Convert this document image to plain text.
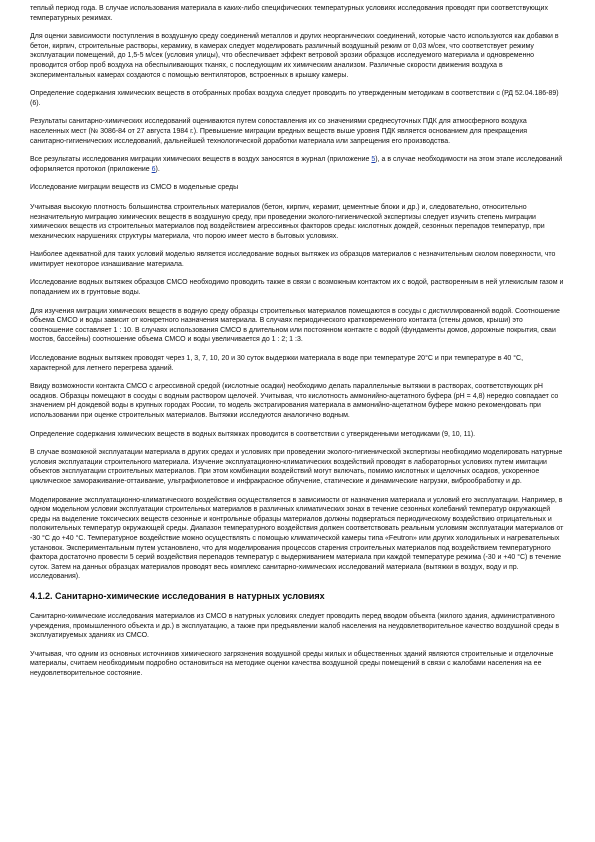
теплый период года. В случае использования материала в каких-либо специфических температурных условиях исследования проводят при соответствующих температурных режимах.

Для оценки зависимости поступления в воздушную среду соединений металлов и других неорганических соединений, которые часто используются как добавки в бетон, кирпич, строительные растворы, керамику, в камерах следует моделировать различный воздушный режим от 0,03 м/сек, что соответствует режиму эксплуатации помещений, до 1,5-5 м/сек (условия улицы), что обеспечивает эффект ветровой эрозии образцов исследуемого материала и одновременно проводится отбор проб воздуха на обеспыливающих тканях, с последующим их химическим анализом. Различные скорости движения воздуха в экспериментальных камерах создаются с помощью вентиляторов, встроенных в крышку камеры.

Определение содержания химических веществ в отобранных пробах воздуха следует проводить по утвержденным методикам в соответствии с (РД 52.04.186-89) (6).

Результаты санитарно-химических исследований оцениваются путем сопоставления их со значениями среднесуточных ПДК для атмосферного воздуха населенных мест (№ 3086-84 от 27 августа 1984 г.). Превышение миграции вредных веществ выше уровня ПДК является основанием для прекращения санитарно-гигиенических исследований, дальнейшей технологической доработки материала или запрещения его производства.

Все результаты исследования миграции химических веществ в воздух заносятся в журнал (приложение 5), а в случае необходимости на этом этапе исследований оформляется протокол (приложение 6).

Исследование миграции веществ из СМСО в модельные среды

Учитывая высокую плотность большинства строительных материалов (бетон, кирпич, керамит, цементные блоки и др.) и, следовательно, относительно незначительную миграцию химических веществ в воздушную среду, при проведении эколого-гигиенической экспертизы следует изучить степень миграции химических веществ из строительных материалов под воздействием агрессивных факторов среды: кислотных дождей, сезонных перепадов температур, при механических нарушениях структуры материала, что порою имеет место в бытовых условиях.

Наиболее адекватной для таких условий моделью является исследование водных вытяжек из образцов материалов с незначительным сколом поверхности, что имитирует некоторое изнашивание материала.

Исследование водных вытяжек образцов СМСО необходимо проводить также в связи с возможным контактом их с водой, растворенным в ней углекислым газом и попаданием их в грунтовые воды.

Для изучения миграции химических веществ в водную среду образцы строительных материалов помещаются в сосуды с дистиллированной водой. Соотношение объема СМСО и воды зависит от конкретного назначения материала. В случаях периодического кратковременного контакта (стены домов, крыши) это соотношение составляет 1 : 10. В случаях использования СМСО в длительном или постоянном контакте с водой (фундаменты домов, дорожные покрытия, сваи мостов, бассейны) соотношение объема СМСО и воды увеличивается до 1 : 2; 1 :3.

Исследование водных вытяжек проводят через 1, 3, 7, 10, 20 и 30 суток выдержки материала в воде при температуре 20°С и при температуре в 40 °С, характерной для летнего перегрева зданий.

Ввиду возможности контакта СМСО с агрессивной средой (кислотные осадки) необходимо делать параллельные вытяжки в растворах, соответствующих рН осадков. Образцы помещают в сосуды с водным раствором щелочей. Учитывая, что кислотность аммонийно-ацетатного буфера (рН = 4,8) нередко совпадает со значением рН дождевой воды в крупных городах России, то модель экстрагирования материала в аммонийно-ацетатном буфере можно рекомендовать при использовании при оценке строительных материалов. Вытяжки исследуются аналогично водным.

Определение содержания химических веществ в водных вытяжках проводится в соответствии с утвержденными методиками (9, 10, 11).

В случае возможной эксплуатации материала в других средах и условиях при проведении эколого-гигиенической экспертизы необходимо моделировать натурные условия эксплуатации строительного материала. Изучение эксплуатационно-климатических воздействий проводят в лабораторных условиях путем имитации объектов эксплуатации строительных материалов. При этом комбинации воздействий могут включать, помимо кислотных и щелочных осадков, ускоренное циклическое замораживание-оттаивание, ультрафиолетовое и инфракрасное облучение, статические и динамические нагрузки, виброобработку и др.

Моделирование эксплуатационно-климатического воздействия осуществляется в зависимости от назначения материала и условий его эксплуатации. Например, в одном модельном условии эксплуатации строительных материалов в различных климатических зонах в течение сезонных колебаний температур окружающей среды на выделение токсических веществ сезонные и контрольные образцы материалов должны подвергаться периодическому воздействию отрицательных и положительных температур окружающей среды. Диапазон температурного воздействия должен соответствовать реальным условиям эксплуатации материалов от -30 °С до +40 °С. Температурное воздействие можно осуществлять с помощью климатической камеры типа «Feutron» или других холодильных и нагревательных установок. Экспериментальным путем установлено, что для моделирования процессов старения строительных материалов под воздействием температурного фактора достаточно провести 5 серий воздействия перепадов температур с выдерживанием материала при каждой температуре режима (-30 и +40 °С) в течение суток. Затем на данных образцах материалов проводят весь комплекс санитарно-химических исследований материала (вытяжки в воздух, воду и пр. исследования).

4.1.2. Санитарно-химические исследования в натурных условиях

Санитарно-химические исследования материалов из СМСО в натурных условиях следует проводить перед вводом объекта (жилого здания, административного учреждения, промышленного объекта и др.) в эксплуатацию, а также при предъявлении жалоб населения на неудовлетворительное качество воздушной среды в эксплуатируемых зданиях из СМСО.

Учитывая, что одним из основных источников химического загрязнения воздушной среды жилых и общественных зданий являются строительные и отделочные материалы, считаем необходимым подробно остановиться на методике оценки качества воздушной среды помещений в связи с жалобами населения на ее неудовлетворительное состояние.
